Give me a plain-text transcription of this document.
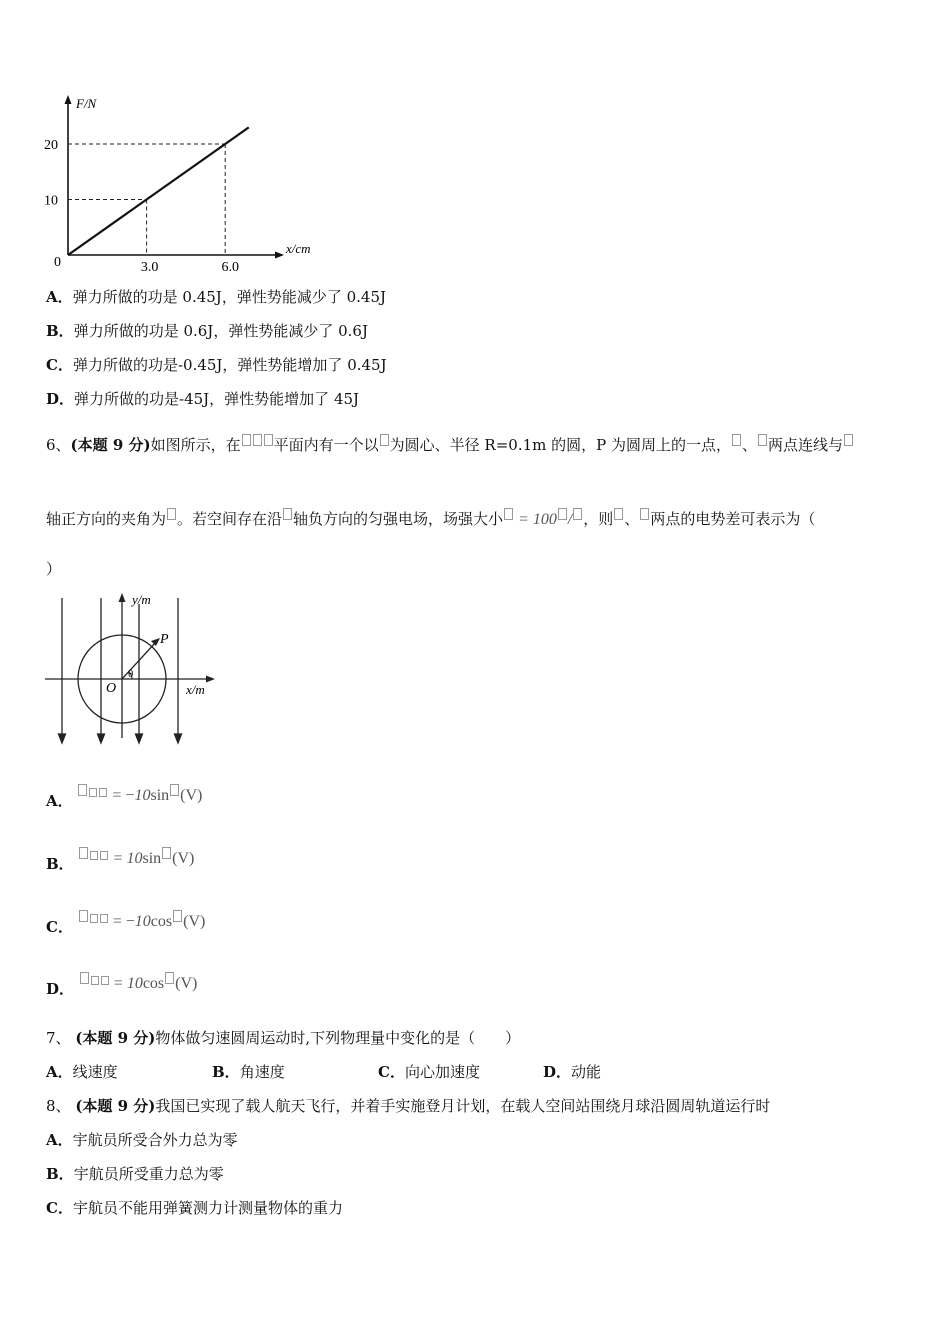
F/N
x/cm
0
20
10
3.0	6.0
A．弹力所做的功是 0.45J，弹性势能减少了 0.45J
B．弹力所做的功是 0.6J，弹性势能减少了 0.6J
C．弹力所做的功是-0.45J，弹性势能增加了 0.45J
D．弹力所做的功是-45J，弹性势能增加了 45J
6、(本题 9 分)如图所示，在 平面内有一个以 为圆心、半径 R=0.1m 的圆，P 为圆周上的一点， 、 两点连线与
轴正方向的夹角为 。若空间存在沿 轴负方向的匀强电场，场强大小 = 100 / ，则 、 两点的电势差可表示为（
）
y/m
x/m
O
P
θ
A． = −10sin (V)
B． = 10sin (V)
C． = −10cos (V)
D． = 10cos (V)
7、 (本题 9 分)物体做匀速圆周运动时,下列物理量中变化的是（　　）
A．线速度	B．角速度	C．向心加速度	D．动能
8、 (本题 9 分)我国已实现了载人航天飞行，并着手实施登月计划，在载人空间站围绕月球沿圆周轨道运行时
A．宇航员所受合外力总为零
B．宇航员所受重力总为零
C．宇航员不能用弹簧测力计测量物体的重力
